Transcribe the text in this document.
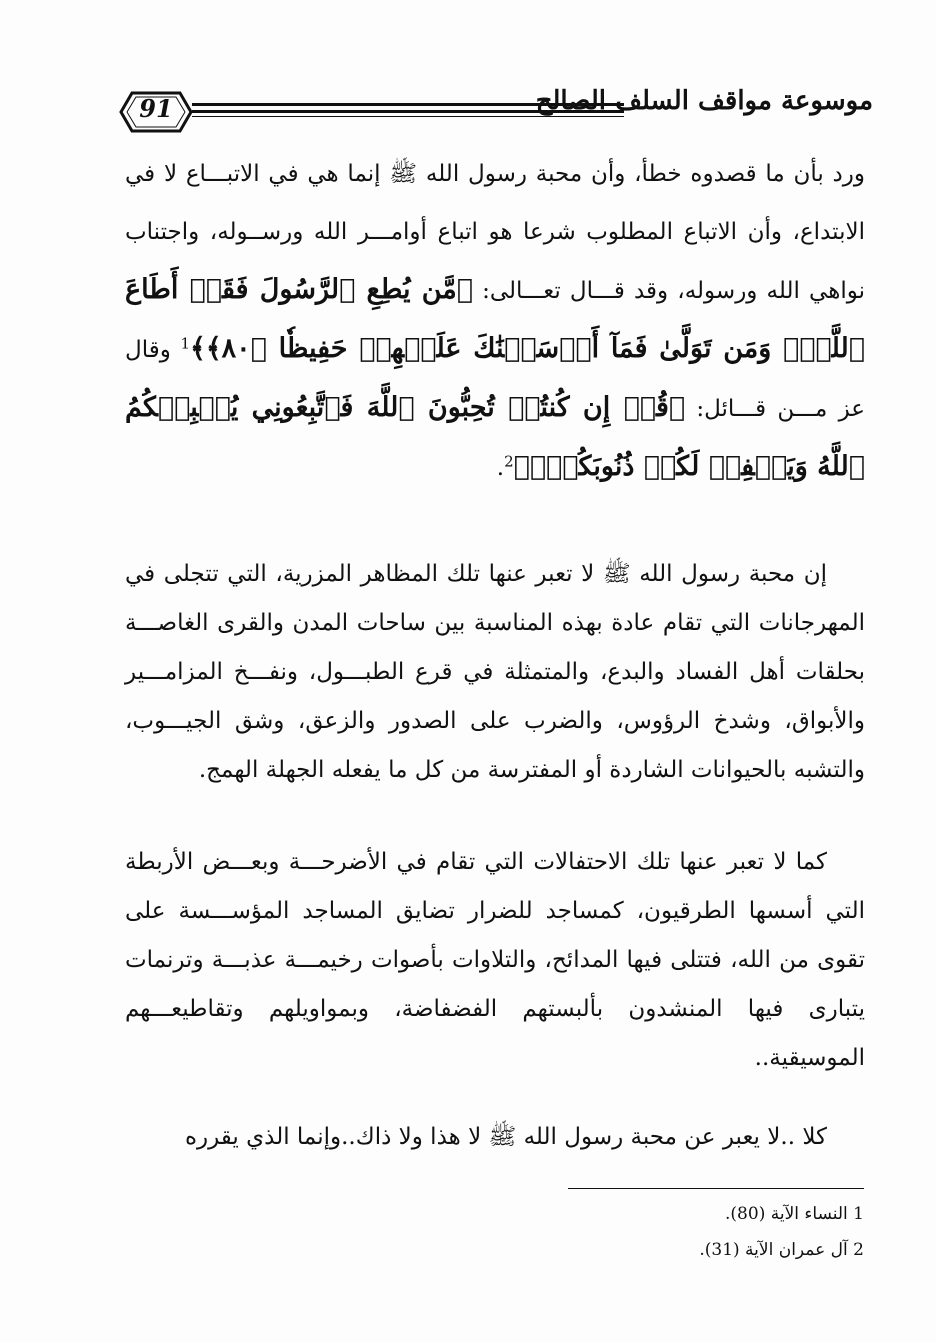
91	موسوعة مواقف السلف الصالح

ورد بأن ما قصدوه خطأ، وأن محبة رسول الله ﷺ إنما هي في الاتبـــاع لا في الابتداع، وأن الاتباع المطلوب شرعا هو اتباع أوامـــر الله ورســوله، واجتناب نواهي الله ورسوله، وقد قـــال تعـــالى: ﴿مَّن يُطِعِ ٱلرَّسُولَ فَقَدۡ أَطَاعَ ٱللَّهَۖ وَمَن تَوَلَّىٰ فَمَآ أَرۡسَلۡنَٰكَ عَلَيۡهِمۡ حَفِيظٗا ﴿٨٠﴾﴾$^1$ وقال عز مـــن قـــائل: ﴿قُلۡ إِن كُنتُمۡ تُحِبُّونَ ٱللَّهَ فَٱتَّبِعُونِي يُحۡبِبۡكُمُ ٱللَّهُ وَيَغۡفِرۡ لَكُمۡ ذُنُوبَكُمۡۗ﴾$^2$.

إن محبة رسول الله ﷺ لا تعبر عنها تلك المظاهر المزرية، التي تتجلى في المهرجانات التي تقام عادة بهذه المناسبة بين ساحات المدن والقرى الغاصـــة بحلقات أهل الفساد والبدع، والمتمثلة في قرع الطبـــول، ونفـــخ المزامـــير والأبواق، وشدخ الرؤوس، والضرب على الصدور والزعق، وشق الجيـــوب، والتشبه بالحيوانات الشاردة أو المفترسة من كل ما يفعله الجهلة الهمج.

كما لا تعبر عنها تلك الاحتفالات التي تقام في الأضرحـــة وبعـــض الأربطة التي أسسها الطرقيون، كمساجد للضرار تضايق المساجد المؤســـسة على تقوى من الله، فتتلى فيها المدائح، والتلاوات بأصوات رخيمـــة عذبـــة وترنمات يتبارى فيها المنشدون بألبستهم الفضفاضة، وبمواويلهم وتقاطيعـــهم الموسيقية..

كلا ..لا يعبر عن محبة رسول الله ﷺ لا هذا ولا ذاك..وإنما الذي يقرره

1 النساء الآية (80).
2 آل عمران الآية (31).
